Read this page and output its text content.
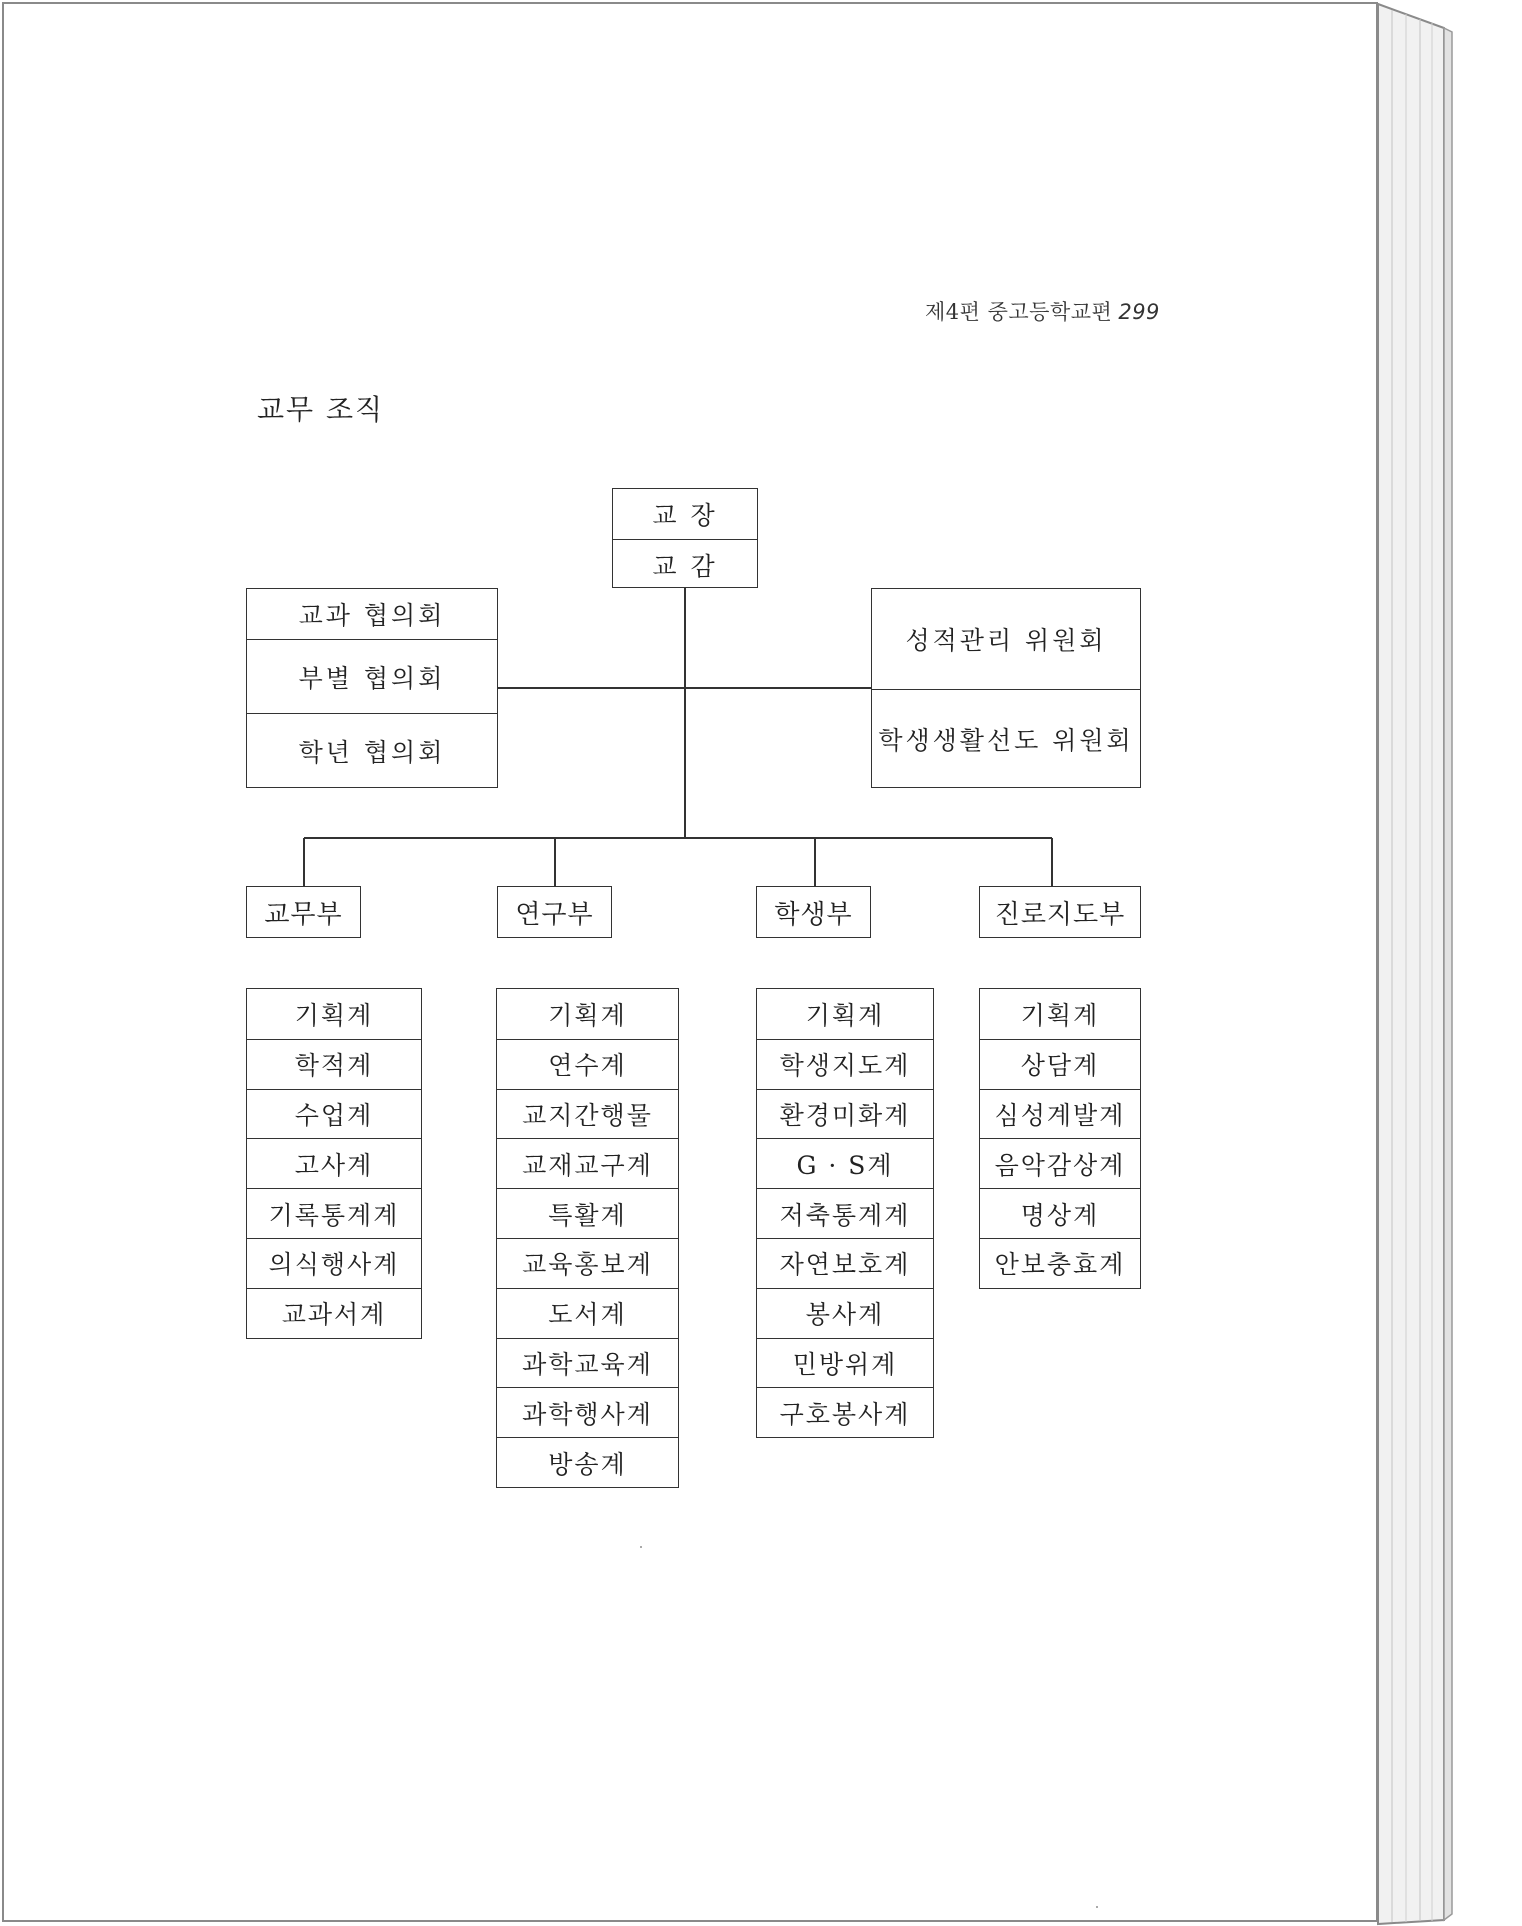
제4편 중고등학교편 299
교무 조직
교 장
교 감
교과 협의회
부별 협의회
학년 협의회
성적관리 위원회
학생생활선도 위원회
교무부	연구부	학생부	진로지도부
기획계
학적계
수업계
고사계
기록통계계
의식행사계
교과서계
기획계
연수계
교지간행물
교재교구계
특활계
교육홍보계
도서계
과학교육계
과학행사계
방송계
기획계
학생지도계
환경미화계
G · S계
저축통계계
자연보호계
봉사계
민방위계
구호봉사계
기획계
상담계
심성계발계
음악감상계
명상계
안보충효계
